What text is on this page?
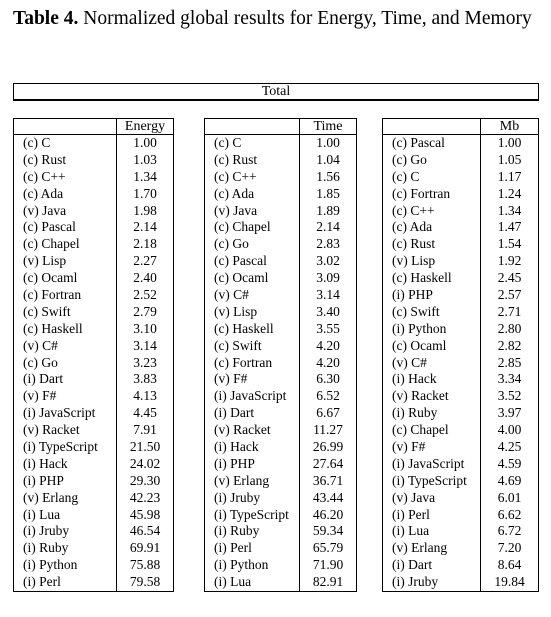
Table 4. Normalized global results for Energy, Time, and Memory
Total
Energy
(c) C	1.00
(c) Rust	1.03
(c) C++	1.34
(c) Ada	1.70
(v) Java	1.98
(c) Pascal	2.14
(c) Chapel	2.18
(v) Lisp	2.27
(c) Ocaml	2.40
(c) Fortran	2.52
(c) Swift	2.79
(c) Haskell	3.10
(v) C#	3.14
(c) Go	3.23
(i) Dart	3.83
(v) F#	4.13
(i) JavaScript	4.45
(v) Racket	7.91
(i) TypeScript	21.50
(i) Hack	24.02
(i) PHP	29.30
(v) Erlang	42.23
(i) Lua	45.98
(i) Jruby	46.54
(i) Ruby	69.91
(i) Python	75.88
(i) Perl	79.58
Time
(c) C	1.00
(c) Rust	1.04
(c) C++	1.56
(c) Ada	1.85
(v) Java	1.89
(c) Chapel	2.14
(c) Go	2.83
(c) Pascal	3.02
(c) Ocaml	3.09
(v) C#	3.14
(v) Lisp	3.40
(c) Haskell	3.55
(c) Swift	4.20
(c) Fortran	4.20
(v) F#	6.30
(i) JavaScript	6.52
(i) Dart	6.67
(v) Racket	11.27
(i) Hack	26.99
(i) PHP	27.64
(v) Erlang	36.71
(i) Jruby	43.44
(i) TypeScript	46.20
(i) Ruby	59.34
(i) Perl	65.79
(i) Python	71.90
(i) Lua	82.91
Mb
(c) Pascal	1.00
(c) Go	1.05
(c) C	1.17
(c) Fortran	1.24
(c) C++	1.34
(c) Ada	1.47
(c) Rust	1.54
(v) Lisp	1.92
(c) Haskell	2.45
(i) PHP	2.57
(c) Swift	2.71
(i) Python	2.80
(c) Ocaml	2.82
(v) C#	2.85
(i) Hack	3.34
(v) Racket	3.52
(i) Ruby	3.97
(c) Chapel	4.00
(v) F#	4.25
(i) JavaScript	4.59
(i) TypeScript	4.69
(v) Java	6.01
(i) Perl	6.62
(i) Lua	6.72
(v) Erlang	7.20
(i) Dart	8.64
(i) Jruby	19.84
